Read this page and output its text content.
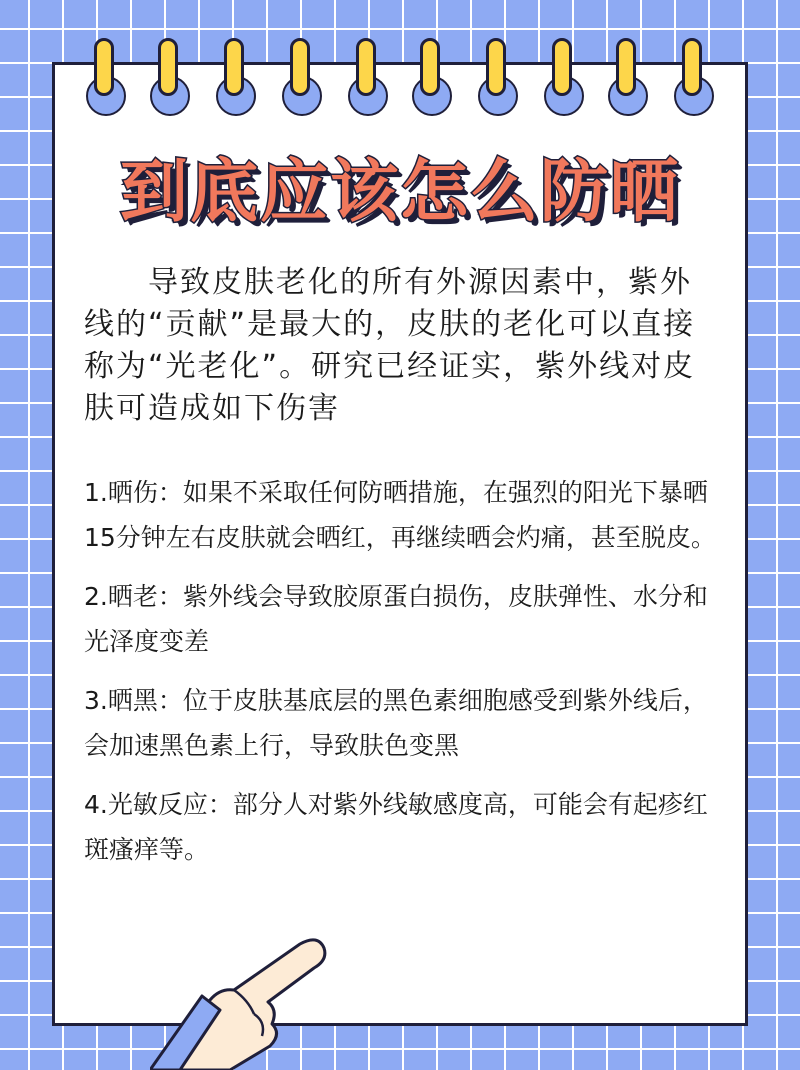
到底应该怎么防晒
导致皮肤老化的所有外源因素中，紫外线的“贡献”是最大的，皮肤的老化可以直接称为“光老化”。研究已经证实，紫外线对皮肤可造成如下伤害
1.晒伤：如果不采取任何防晒措施，在强烈的阳光下暴晒15分钟左右皮肤就会晒红，再继续晒会灼痛，甚至脱皮。
2.晒老：紫外线会导致胶原蛋白损伤，皮肤弹性、水分和光泽度变差
3.晒黑：位于皮肤基底层的黑色素细胞感受到紫外线后，会加速黑色素上行，导致肤色变黑
4.光敏反应：部分人对紫外线敏感度高，可能会有起疹红斑瘙痒等。
